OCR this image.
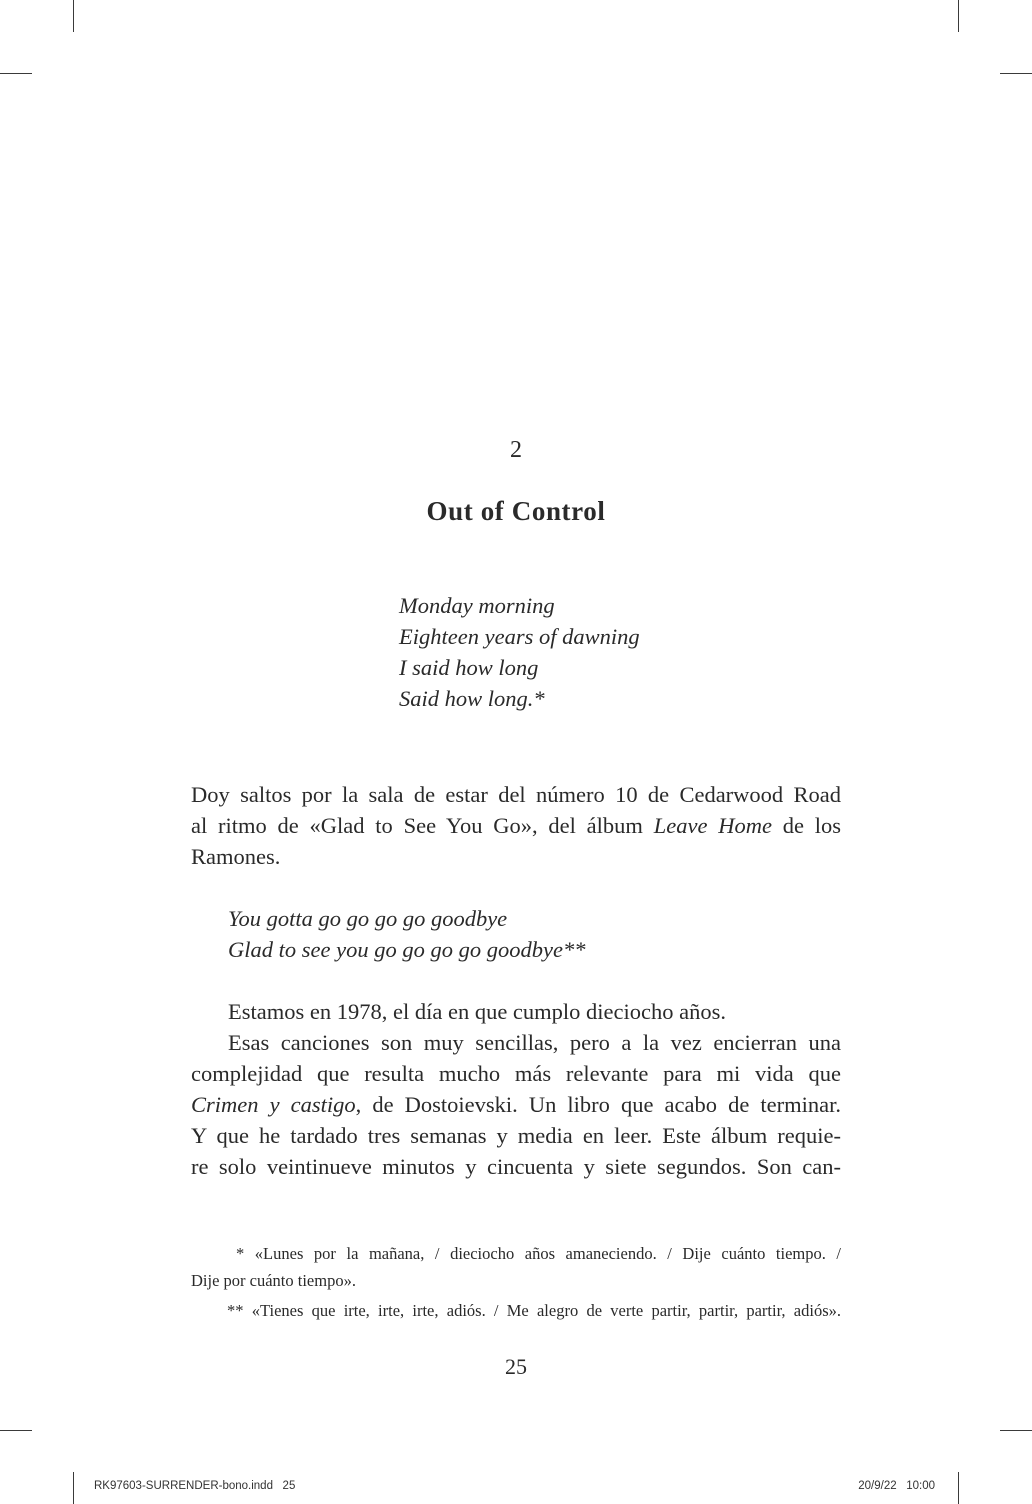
2
Out of Control
Monday morning
Eighteen years of dawning
I said how long
Said how long.*
Doy saltos por la sala de estar del número 10 de Cedarwood Road
al ritmo de «Glad to See You Go», del álbum Leave Home de los
Ramones.
You gotta go go go go goodbye
Glad to see you go go go go goodbye**
Estamos en 1978, el día en que cumplo dieciocho años.
Esas canciones son muy sencillas, pero a la vez encierran una
complejidad que resulta mucho más relevante para mi vida que
Crimen y castigo, de Dostoievski. Un libro que acabo de terminar.
Y que he tardado tres semanas y media en leer. Este álbum requie-
re solo veintinueve minutos y cincuenta y siete segundos. Son can-
* «Lunes por la mañana, / dieciocho años amaneciendo. / Dije cuánto tiempo. /
Dije por cuánto tiempo».
** «Tienes que irte, irte, irte, adiós. / Me alegro de verte partir, partir, partir, adiós».
25
RK97603-SURRENDER-bono.indd   25	20/9/22   10:00
